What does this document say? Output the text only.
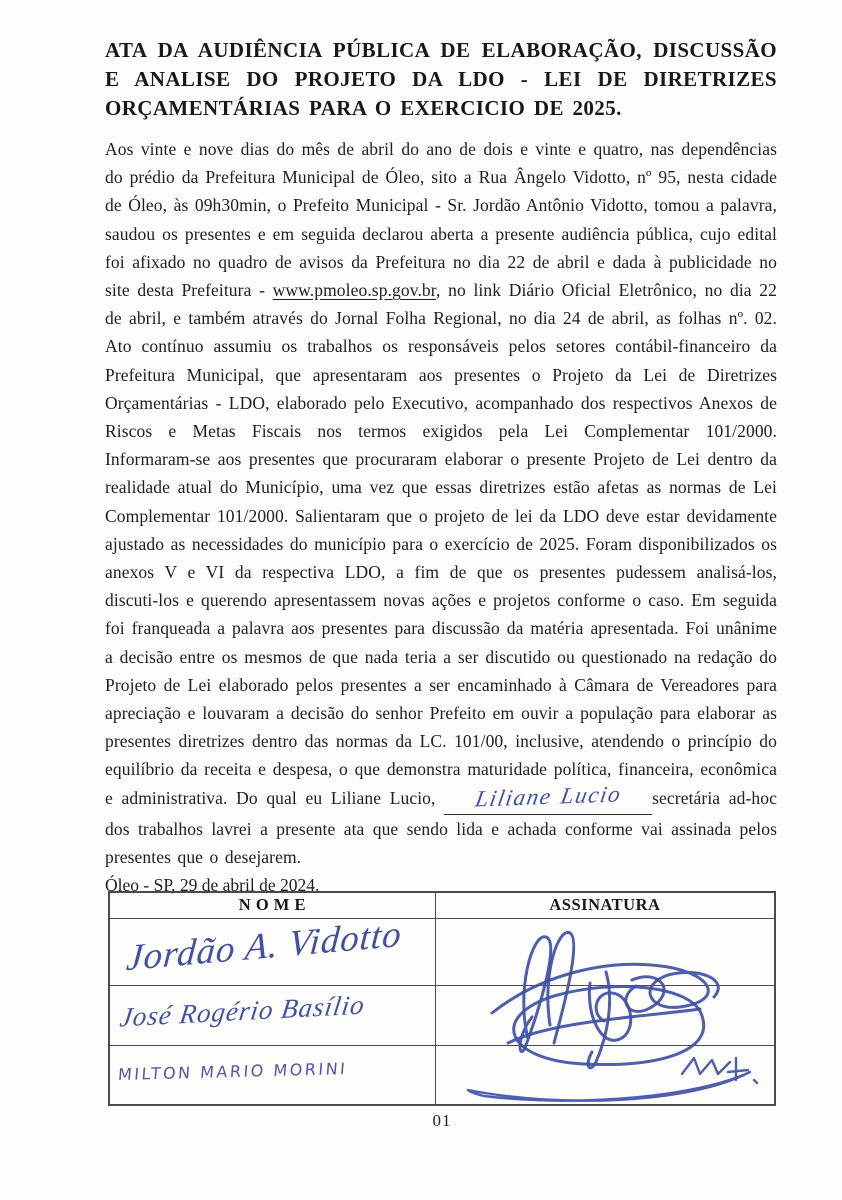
ATA DA AUDIÊNCIA PÚBLICA DE ELABORAÇÃO, DISCUSSÃO E ANALISE DO PROJETO DA LDO - LEI DE DIRETRIZES ORÇAMENTÁRIAS PARA O EXERCICIO DE 2025.

Aos vinte e nove dias do mês de abril do ano de dois e vinte e quatro, nas dependências do prédio da Prefeitura Municipal de Óleo, sito a Rua Ângelo Vidotto, nº 95, nesta cidade de Óleo, às 09h30min, o Prefeito Municipal - Sr. Jordão Antônio Vidotto, tomou a palavra, saudou os presentes e em seguida declarou aberta a presente audiência pública, cujo edital foi afixado no quadro de avisos da Prefeitura no dia 22 de abril e dada à publicidade no site desta Prefeitura - www.pmoleo.sp.gov.br, no link Diário Oficial Eletrônico, no dia 22 de abril, e também através do Jornal Folha Regional, no dia 24 de abril, as folhas nº. 02. Ato contínuo assumiu os trabalhos os responsáveis pelos setores contábil-financeiro da Prefeitura Municipal, que apresentaram aos presentes o Projeto da Lei de Diretrizes Orçamentárias - LDO, elaborado pelo Executivo, acompanhado dos respectivos Anexos de Riscos e Metas Fiscais nos termos exigidos pela Lei Complementar 101/2000. Informaram-se aos presentes que procuraram elaborar o presente Projeto de Lei dentro da realidade atual do Município, uma vez que essas diretrizes estão afetas as normas de Lei Complementar 101/2000. Salientaram que o projeto de lei da LDO deve estar devidamente ajustado as necessidades do município para o exercício de 2025. Foram disponibilizados os anexos V e VI da respectiva LDO, a fim de que os presentes pudessem analisá-los, discuti-los e querendo apresentassem novas ações e projetos conforme o caso. Em seguida foi franqueada a palavra aos presentes para discussão da matéria apresentada. Foi unânime a decisão entre os mesmos de que nada teria a ser discutido ou questionado na redação do Projeto de Lei elaborado pelos presentes a ser encaminhado à Câmara de Vereadores para apreciação e louvaram a decisão do senhor Prefeito em ouvir a população para elaborar as presentes diretrizes dentro das normas da LC. 101/00, inclusive, atendendo o princípio do equilíbrio da receita e despesa, o que demonstra maturidade política, financeira, econômica e administrativa. Do qual eu Liliane Lucio, Liliane Lucio secretária ad-hoc dos trabalhos lavrei a presente ata que sendo lida e achada conforme vai assinada pelos presentes que o desejarem.

Óleo - SP, 29 de abril de 2024.

N O M E	ASSINATURA

Jordão A. Vidotto

José Rogério Basílio

MILTON MARIO MORINI

01
